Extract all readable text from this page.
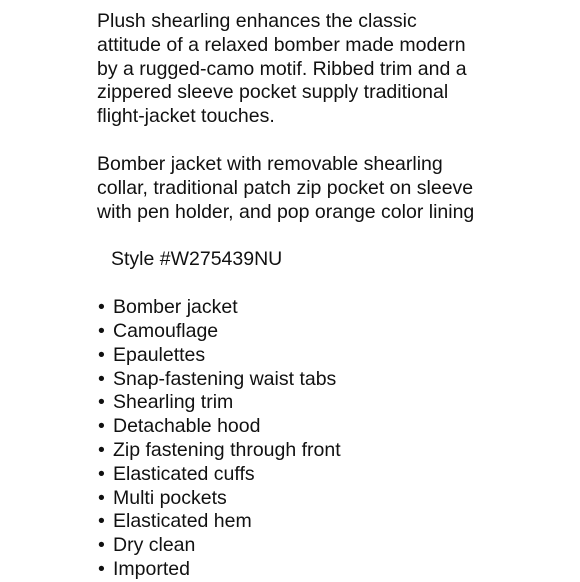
Plush shearling enhances the classic
attitude of a relaxed bomber made modern
by a rugged-camo motif. Ribbed trim and a
zippered sleeve pocket supply traditional
flight-jacket touches.

Bomber jacket with removable shearling
collar, traditional patch zip pocket on sleeve
with pen holder, and pop orange color lining

Style #W275439NU
• Bomber jacket
• Camouflage
• Epaulettes
• Snap-fastening waist tabs
• Shearling trim
• Detachable hood
• Zip fastening through front
• Elasticated cuffs
• Multi pockets
• Elasticated hem
• Dry clean
• Imported
